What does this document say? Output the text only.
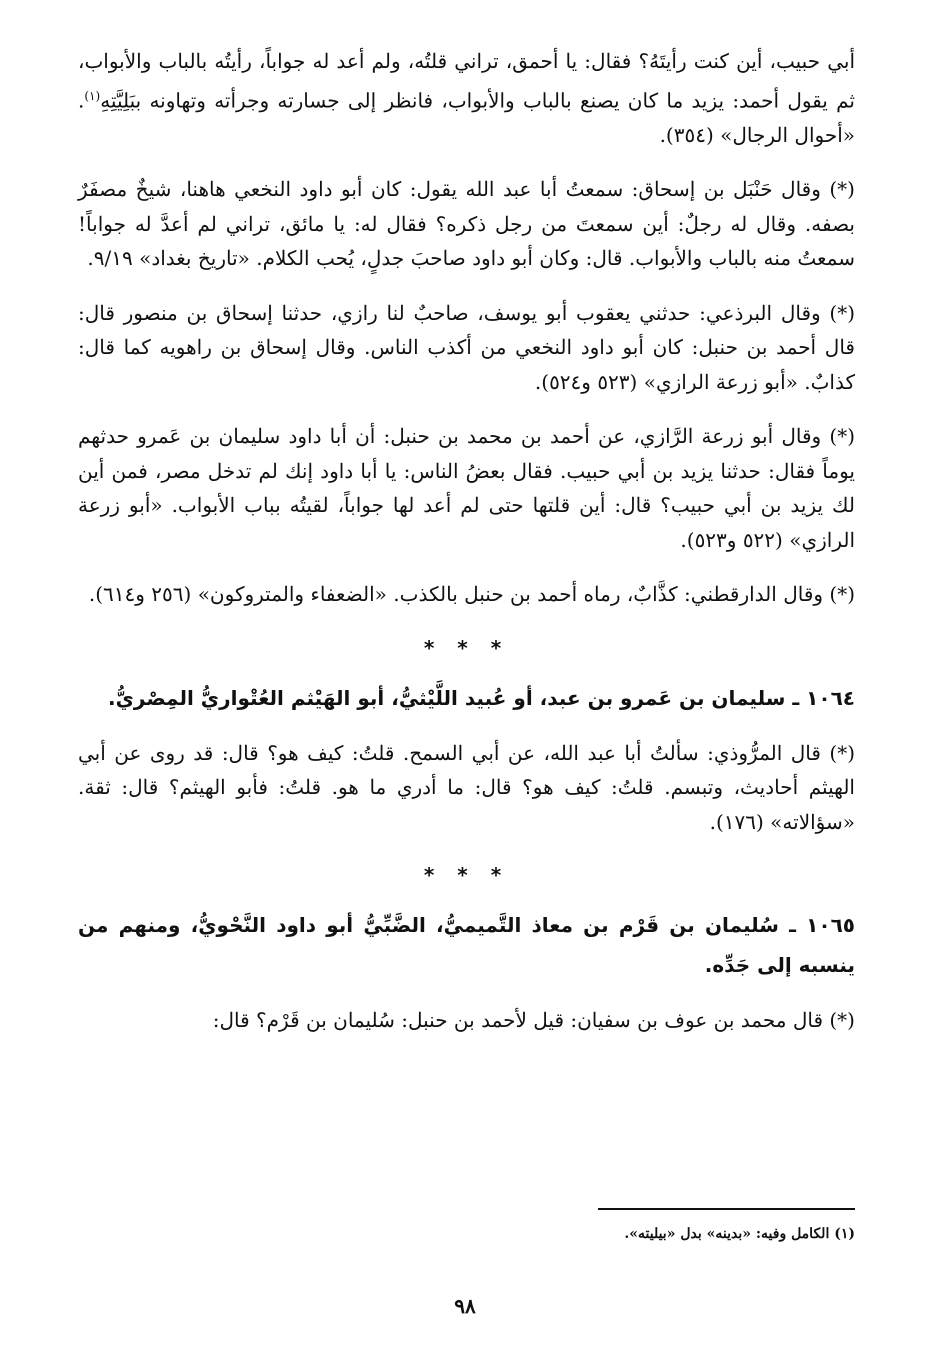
أبي حبيب، أين كنت رأيتَهُ؟ فقال: يا أحمق، تراني قلتُه، ولم أعد له جواباً، رأيتُه بالباب والأبواب، ثم يقول أحمد: يزيد ما كان يصنع بالباب والأبواب، فانظر إلى جسارته وجرأته وتهاونه ببَلِيَّتِهِ$^{(١)}$. «أحوال الرجال» (٣٥٤).

(*) وقال حَنْبَل بن إسحاق: سمعتُ أبا عبد الله يقول: كان أبو داود النخعي هاهنا، شيخٌ مصفَرٌ بصفه. وقال له رجلٌ: أين سمعتَ من رجل ذكره؟ فقال له: يا مائق، تراني لم أعدَّ له جواباً! سمعتُ منه بالباب والأبواب. قال: وكان أبو داود صاحبَ جدلٍ، يُحب الكلام. «تاريخ بغداد» ٩/١٩.

(*) وقال البرذعي: حدثني يعقوب أبو يوسف، صاحبٌ لنا رازي، حدثنا إسحاق بن منصور قال: قال أحمد بن حنبل: كان أبو داود النخعي من أكذب الناس. وقال إسحاق بن راهويه كما قال: كذابٌ. «أبو زرعة الرازي» (٥٢٣ و٥٢٤).

(*) وقال أبو زرعة الرَّازي، عن أحمد بن محمد بن حنبل: أن أبا داود سليمان بن عَمرو حدثهم يوماً فقال: حدثنا يزيد بن أبي حبيب. فقال بعضُ الناس: يا أبا داود إنك لم تدخل مصر، فمن أين لك يزيد بن أبي حبيب؟ قال: أين قلتها حتى لم أعد لها جواباً، لقيتُه بباب الأبواب. «أبو زرعة الرازي» (٥٢٢ و٥٢٣).

(*) وقال الدارقطني: كذَّابٌ، رماه أحمد بن حنبل بالكذب. «الضعفاء والمتروكون» (٢٥٦ و٦١٤).

* * *

١٠٦٤ ـ سليمان بن عَمرو بن عبد، أو عُبيد اللَّيْثيُّ، أبو الهَيْثم العُتْواريُّ المِصْريُّ.

(*) قال المرُّوذي: سألتُ أبا عبد الله، عن أبي السمح. قلتُ: كيف هو؟ قال: قد روى عن أبي الهيثم أحاديث، وتبسم. قلتُ: كيف هو؟ قال: ما أدري ما هو. قلتُ: فأبو الهيثم؟ قال: ثقة. «سؤالاته» (١٧٦).

* * *

١٠٦٥ ـ سُليمان بن قَرْم بن معاذ التَّميميُّ، الضَّبِّيُّ أبو داود النَّحْويُّ، ومنهم من ينسبه إلى جَدِّه.

(*) قال محمد بن عوف بن سفيان: قيل لأحمد بن حنبل: سُليمان بن قَرْم؟ قال:

(١) الكامل وفيه: «بدينه» بدل «بيليته».
٩٨
